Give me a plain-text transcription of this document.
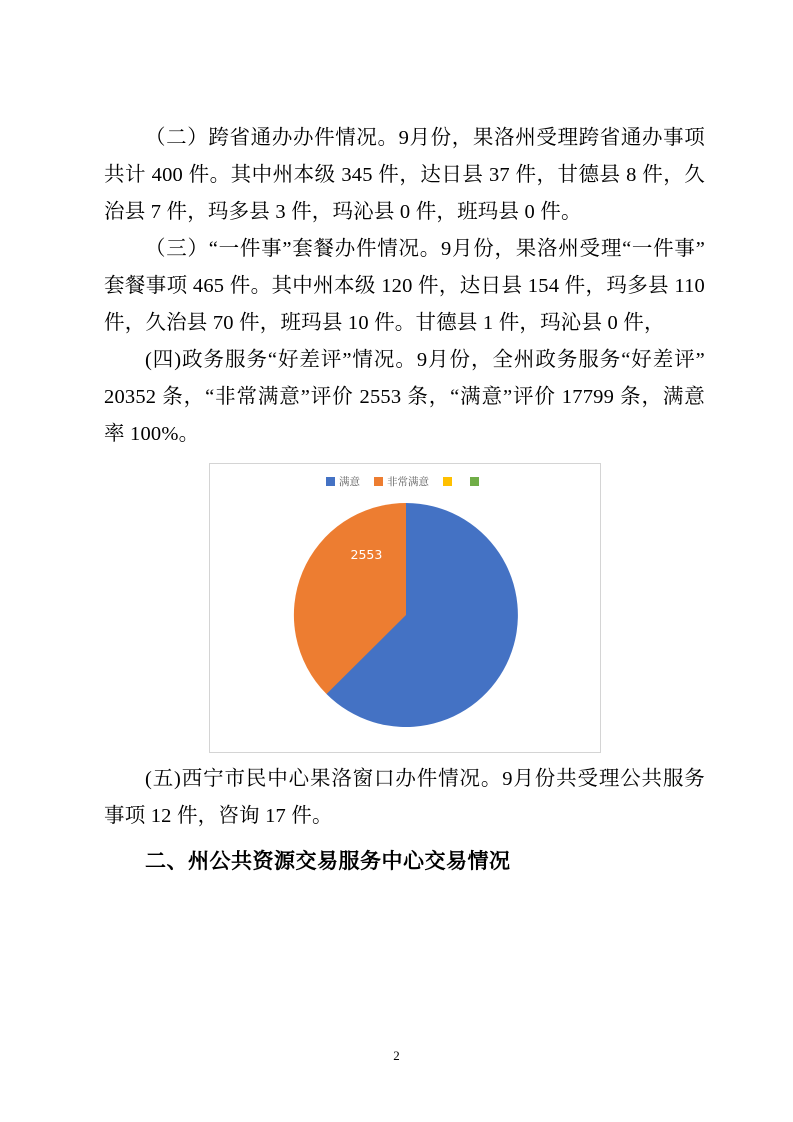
（二）跨省通办办件情况。9月份，果洛州受理跨省通办事项共计 400 件。其中州本级 345 件，达日县 37 件，甘德县 8 件，久治县 7 件，玛多县 3 件，玛沁县 0 件，班玛县 0 件。

（三）“一件事”套餐办件情况。9月份，果洛州受理“一件事”套餐事项 465 件。其中州本级 120 件，达日县 154 件，玛多县 110 件，久治县 70 件，班玛县 10 件。甘德县 1 件，玛沁县 0 件，

(四)政务服务“好差评”情况。9月份，全州政务服务“好差评”20352 条，“非常满意”评价 2553 条，“满意”评价 17799 条，满意率 100%。

满意	非常满意
17799
2553

(五)西宁市民中心果洛窗口办件情况。9月份共受理公共服务事项 12 件，咨询 17 件。

二、州公共资源交易服务中心交易情况

2
